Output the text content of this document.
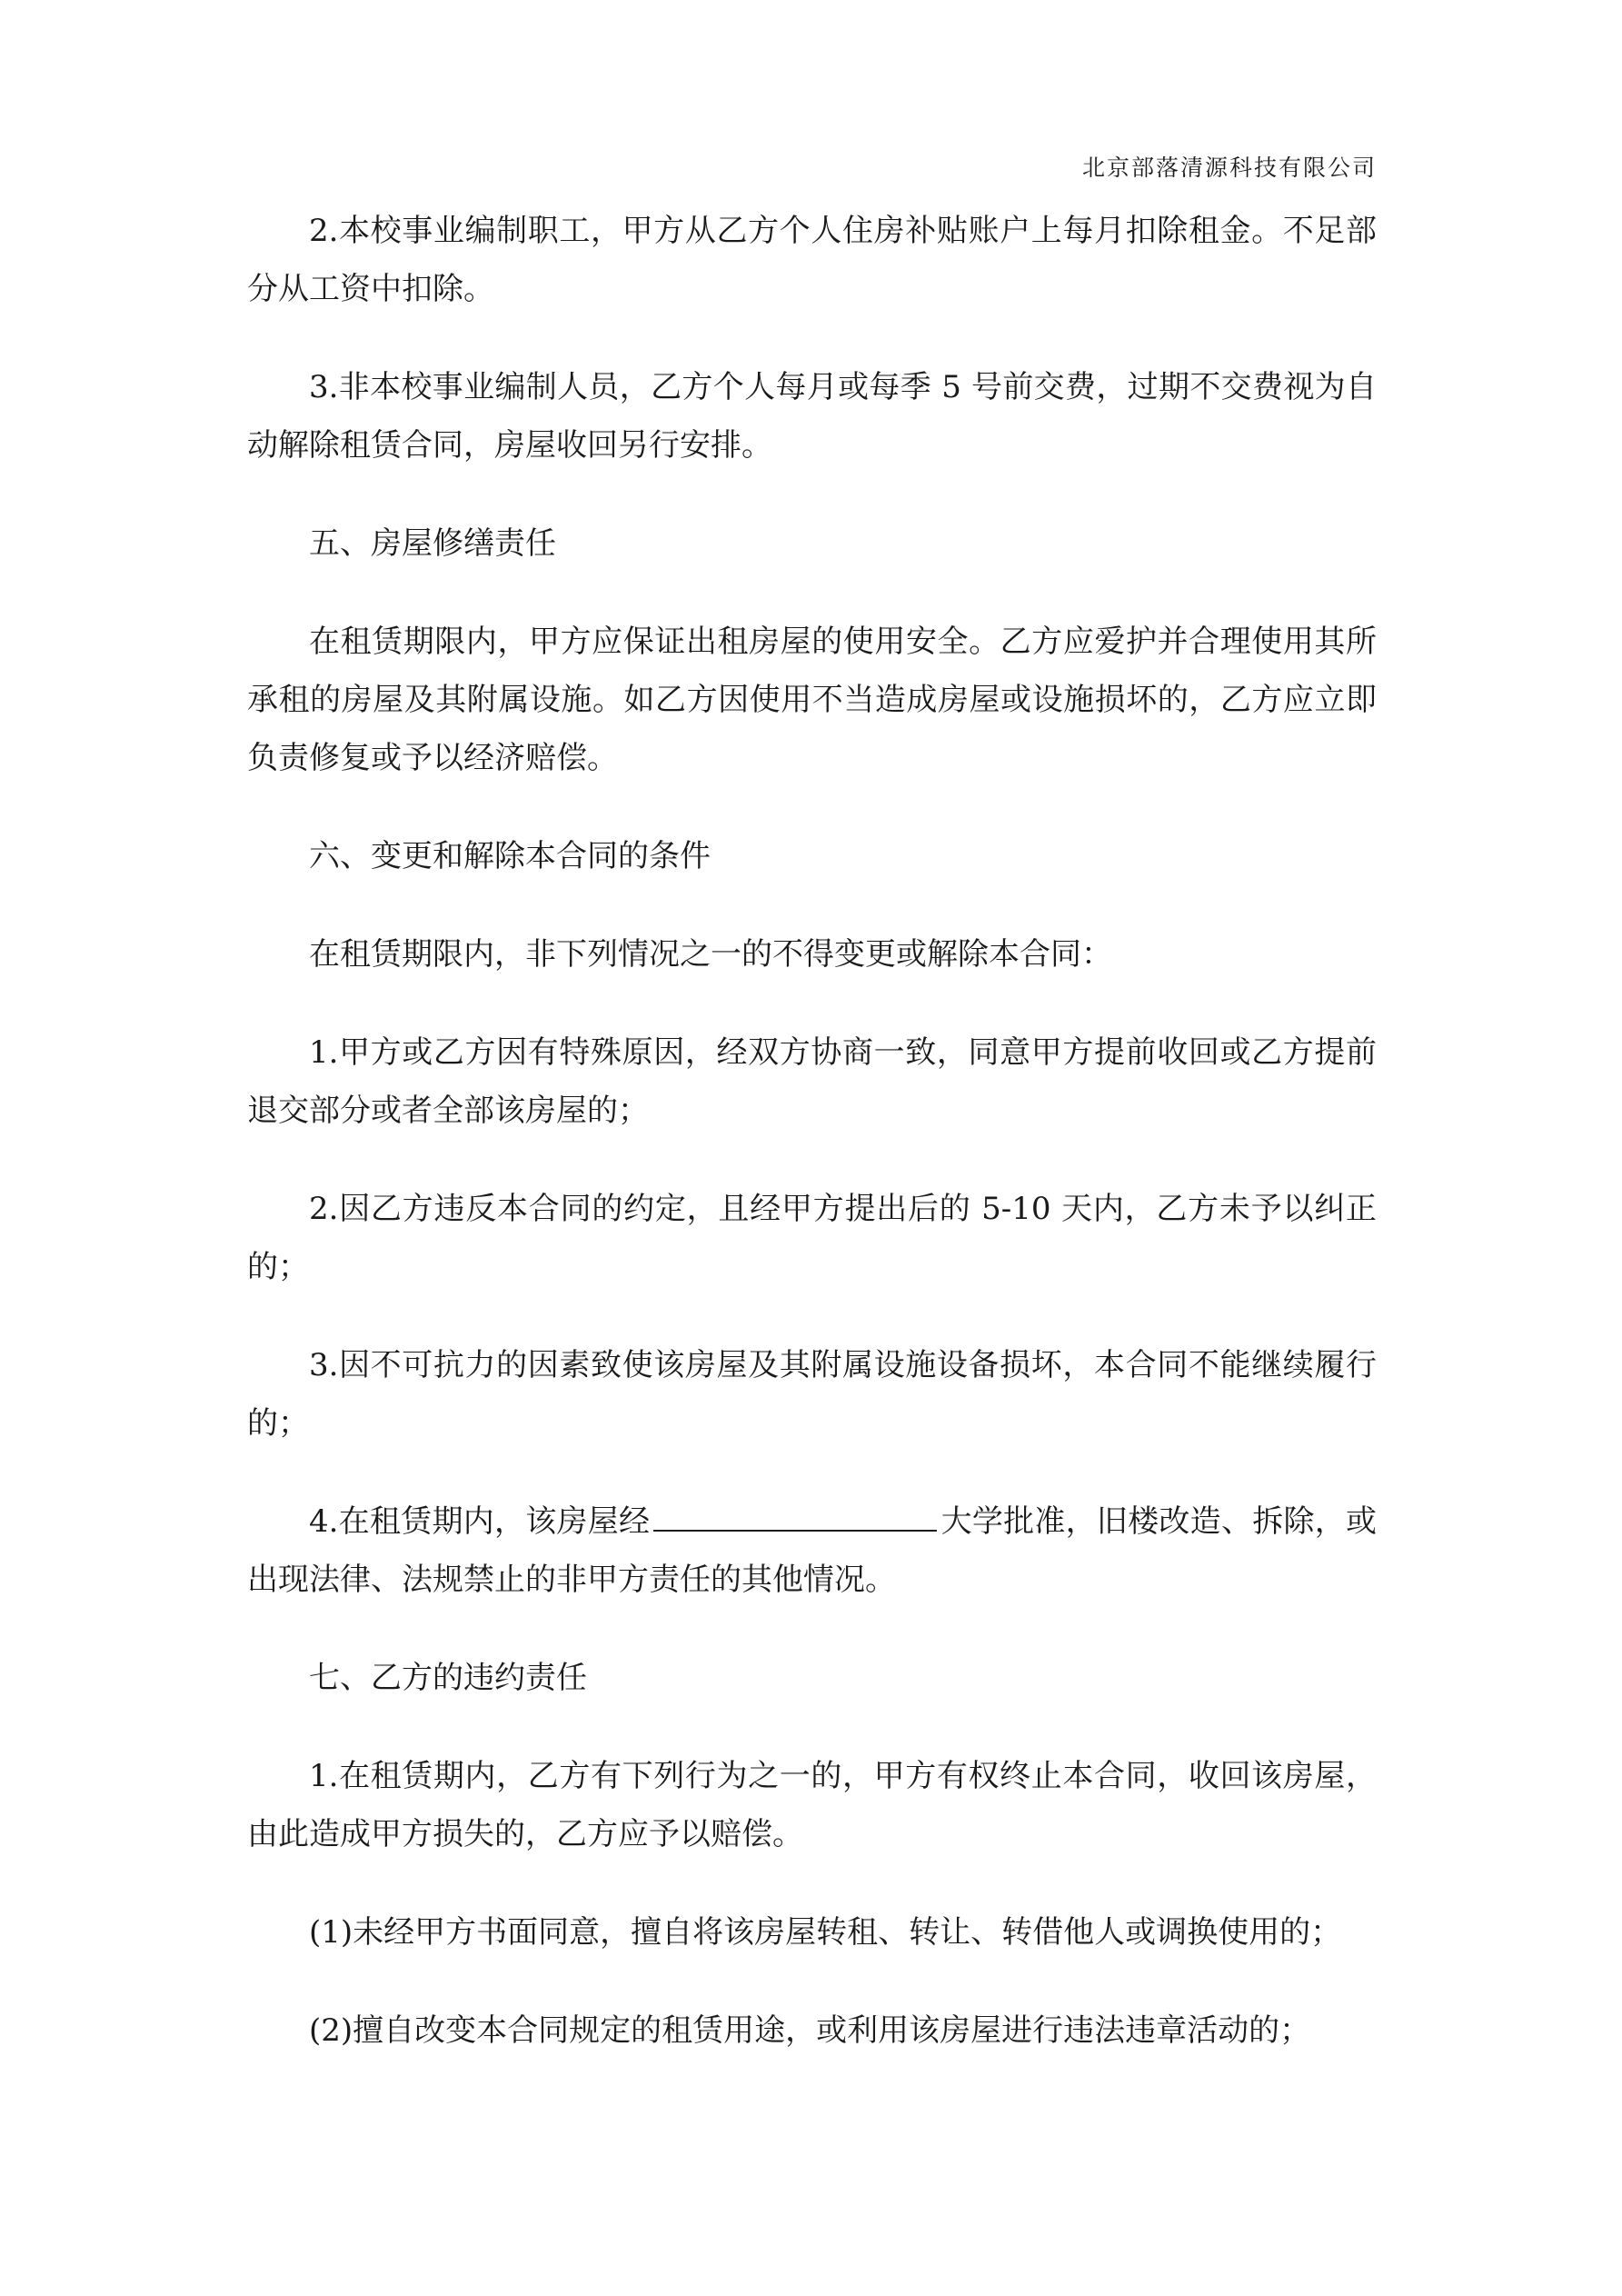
北京部落清源科技有限公司

2.本校事业编制职工，甲方从乙方个人住房补贴账户上每月扣除租金。不足部分从工资中扣除。

3.非本校事业编制人员，乙方个人每月或每季 5 号前交费，过期不交费视为自动解除租赁合同，房屋收回另行安排。

五、房屋修缮责任

在租赁期限内，甲方应保证出租房屋的使用安全。乙方应爱护并合理使用其所承租的房屋及其附属设施。如乙方因使用不当造成房屋或设施损坏的，乙方应立即负责修复或予以经济赔偿。

六、变更和解除本合同的条件

在租赁期限内，非下列情况之一的不得变更或解除本合同：

1.甲方或乙方因有特殊原因，经双方协商一致，同意甲方提前收回或乙方提前退交部分或者全部该房屋的；

2.因乙方违反本合同的约定，且经甲方提出后的 5-10 天内，乙方未予以纠正的；

3.因不可抗力的因素致使该房屋及其附属设施设备损坏，本合同不能继续履行的；

4.在租赁期内，该房屋经	大学批准，旧楼改造、拆除，或出现法律、法规禁止的非甲方责任的其他情况。

七、乙方的违约责任

1.在租赁期内，乙方有下列行为之一的，甲方有权终止本合同，收回该房屋，由此造成甲方损失的，乙方应予以赔偿。

(1)未经甲方书面同意，擅自将该房屋转租、转让、转借他人或调换使用的；

(2)擅自改变本合同规定的租赁用途，或利用该房屋进行违法违章活动的；
